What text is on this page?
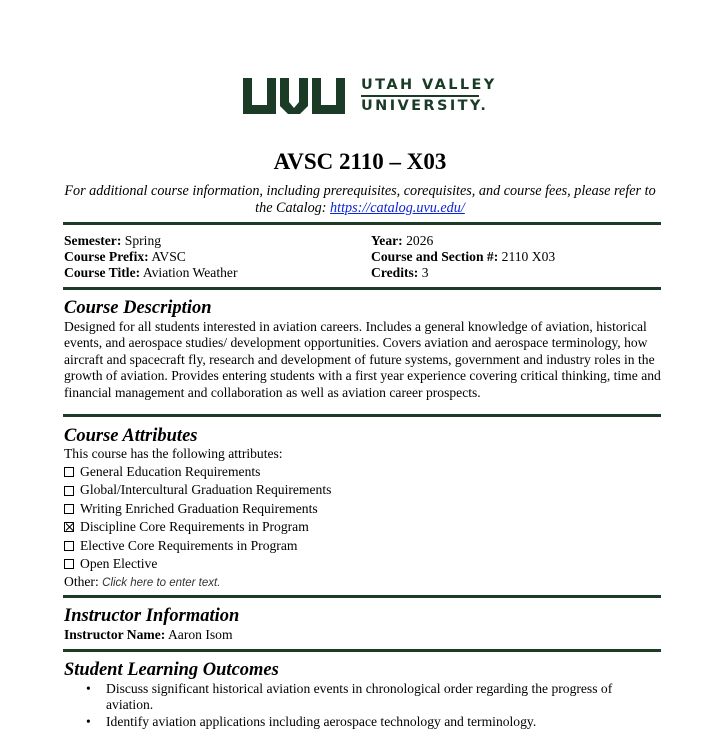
UTAH VALLEY
UNIVERSITY.
AVSC 2110 – X03
For additional course information, including prerequisites, corequisites, and course fees, please refer to the Catalog: https://catalog.uvu.edu/
Semester: Spring
Course Prefix: AVSC
Course Title: Aviation Weather
Year: 2026
Course and Section #: 2110 X03
Credits: 3
Course Description
Designed for all students interested in aviation careers. Includes a general knowledge of aviation, historical events, and aerospace studies/ development opportunities. Covers aviation and aerospace terminology, how aircraft and spacecraft fly, research and development of future systems, government and industry roles in the growth of aviation. Provides entering students with a first year experience covering critical thinking, time and financial management and collaboration as well as aviation career prospects.
Course Attributes
This course has the following attributes:
General Education Requirements
Global/Intercultural Graduation Requirements
Writing Enriched Graduation Requirements
Discipline Core Requirements in Program
Elective Core Requirements in Program
Open Elective
Other: Click here to enter text.
Instructor Information
Instructor Name: Aaron Isom
Student Learning Outcomes
• Discuss significant historical aviation events in chronological order regarding the progress of aviation.
• Identify aviation applications including aerospace technology and terminology.
